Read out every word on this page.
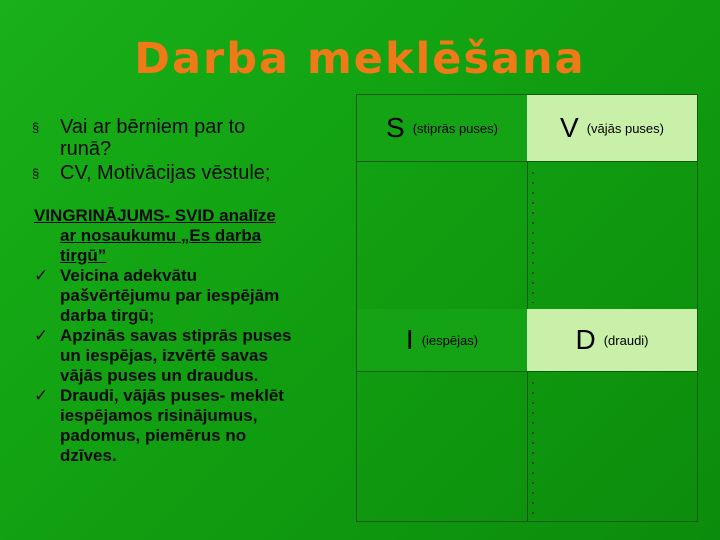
Darba meklēšana
§ Vai ar bērniem par to
runā?
§ CV, Motivācijas vēstule;
VINGRINĀJUMS- SVID analīze
ar nosaukumu „Es darba
tirgū”
✓ Veicina adekvātu
pašvērtējumu par iespējām
darba tirgū;
✓ Apzinās savas stiprās puses
un iespējas, izvērtē savas
vājās puses un draudus.
✓ Draudi, vājās puses- meklēt
iespējamos risinājumus,
padomus, piemērus no
dzīves.
S (stiprās puses) V (vājās puses)
I (iespējas)	D (draudi)
